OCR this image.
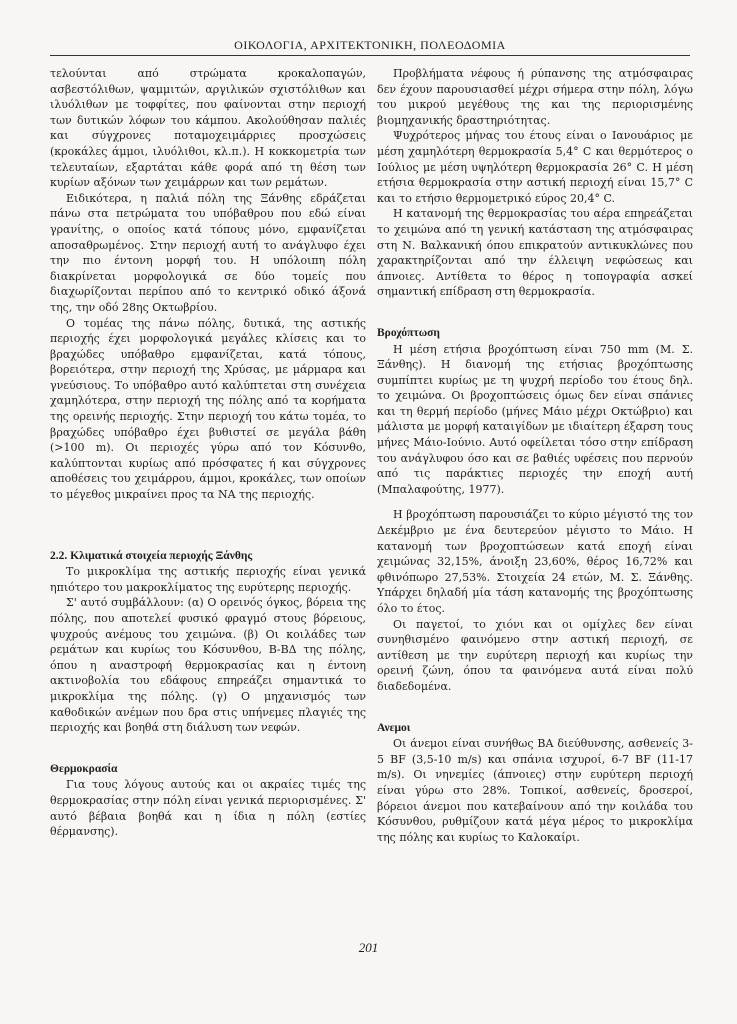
ΟΙΚΟΛΟΓΙΑ, ΑΡΧΙΤΕΚΤΟΝΙΚΗ, ΠΟΛΕΟΔΟΜΙΑ

τελούνται από στρώματα κροκαλοπαγών, ασβεστόλιθων, ψαμμιτών, αργιλικών σχιστόλιθων και ιλυόλιθων με τοφφίτες, που φαίνονται στην περιοχή των δυτικών λόφων του κάμπου. Ακολούθησαν παλιές και σύγχρονες ποταμοχειμάρριες προσχώσεις (κροκάλες άμμοι, ιλυόλιθοι, κλ.π.). Η κοκκομετρία των τελευταίων, εξαρτάται κάθε φορά από τη θέση των κυρίων αξόνων των χειμάρρων και των ρεμάτων.

Ειδικότερα, η παλιά πόλη της Ξάνθης εδράζεται πάνω στα πετρώματα του υπόβαθρου που εδώ είναι γρανίτης, ο οποίος κατά τόπους μόνο, εμφανίζεται αποσαθρωμένος. Στην περιοχή αυτή το ανάγλυφο έχει την πιο έντονη μορφή του. Η υπόλοιπη πόλη διακρίνεται μορφολογικά σε δύο τομείς που διαχωρίζονται περίπου από το κεντρικό οδικό άξονά της, την οδό 28ης Οκτωβρίου.

Ο τομέας της πάνω πόλης, δυτικά, της αστικής περιοχής έχει μορφολογικά μεγάλες κλίσεις και το βραχώδες υπόβαθρο εμφανίζεται, κατά τόπους, βορειότερα, στην περιοχή της Χρύσας, με μάρμαρα και γνεύσιους. Το υπόβαθρο αυτό καλύπτεται στη συνέχεια χαμηλότερα, στην περιοχή της πόλης από τα κορήματα της ορεινής περιοχής. Στην περιοχή του κάτω τομέα, το βραχώδες υπόβαθρο έχει βυθιστεί σε μεγάλα βάθη (>100 m). Οι περιοχές γύρω από τον Κόσυνθο, καλύπτονται κυρίως από πρόσφατες ή και σύγχρονες αποθέσεις του χειμάρρου, άμμοι, κροκάλες, των οποίων το μέγεθος μικραίνει προς τα ΝΑ της περιοχής.

2.2. Κλιματικά στοιχεία περιοχής Ξάνθης

Το μικροκλίμα της αστικής περιοχής είναι γενικά ηπιότερο του μακροκλίματος της ευρύτερης περιοχής.

Σ' αυτό συμβάλλουν: (α) Ο ορεινός όγκος, βόρεια της πόλης, που αποτελεί φυσικό φραγμό στους βόρειους, ψυχρούς ανέμους του χειμώνα. (β) Οι κοιλάδες των ρεμάτων και κυρίως του Κόσυνθου, Β-ΒΔ της πόλης, όπου η αναστροφή θερμοκρασίας και η έντονη ακτινοβολία του εδάφους επηρεάζει σημαντικά το μικροκλίμα της πόλης. (γ) Ο μηχανισμός των καθοδικών ανέμων που δρα στις υπήνεμες πλαγιές της περιοχής και βοηθά στη διάλυση των νεφών.

Θερμοκρασία

Για τους λόγους αυτούς και οι ακραίες τιμές της θερμοκρασίας στην πόλη είναι γενικά περιορισμένες. Σ' αυτό βέβαια βοηθά και η ίδια η πόλη (εστίες θέρμανσης).

Προβλήματα νέφους ή ρύπανσης της ατμόσφαιρας δεν έχουν παρουσιασθεί μέχρι σήμερα στην πόλη, λόγω του μικρού μεγέθους της και της περιορισμένης βιομηχανικής δραστηριότητας.

Ψυχρότερος μήνας του έτους είναι ο Ιανουάριος με μέση χαμηλότερη θερμοκρασία 5,4° C και θερμότερος ο Ιούλιος με μέση υψηλότερη θερμοκρασία 26° C. Η μέση ετήσια θερμοκρασία στην αστική περιοχή είναι 15,7° C και το ετήσιο θερμομετρικό εύρος 20,4° C.

Η κατανομή της θερμοκρασίας του αέρα επηρεάζεται το χειμώνα από τη γενική κατάσταση της ατμόσφαιρας στη Ν. Βαλκανική όπου επικρατούν αντικυκλώνες που χαρακτηρίζονται από την έλλειψη νεφώσεως και άπνοιες. Αντίθετα το θέρος η τοπογραφία ασκεί σημαντική επίδραση στη θερμοκρασία.

Βροχόπτωση

Η μέση ετήσια βροχόπτωση είναι 750 mm (Μ. Σ. Ξάνθης). Η διανομή της ετήσιας βροχόπτωσης συμπίπτει κυρίως με τη ψυχρή περίοδο του έτους δηλ. το χειμώνα. Οι βροχοπτώσεις όμως δεν είναι σπάνιες και τη θερμή περίοδο (μήνες Μάιο μέχρι Οκτώβριο) και μάλιστα με μορφή καταιγίδων με ιδιαίτερη έξαρση τους μήνες Μάιο-Ιούνιο. Αυτό οφείλεται τόσο στην επίδραση του ανάγλυφου όσο και σε βαθιές υφέσεις που περνούν από τις παράκτιες περιοχές την εποχή αυτή (Μπαλαφούτης, 1977).

Η βροχόπτωση παρουσιάζει το κύριο μέγιστό της τον Δεκέμβριο με ένα δευτερεύον μέγιστο το Μάιο. Η κατανομή των βροχοπτώσεων κατά εποχή είναι χειμώνας 32,15%, άνοιξη 23,60%, θέρος 16,72% και φθινόπωρο 27,53%. Στοιχεία 24 ετών, Μ. Σ. Ξάνθης. Υπάρχει δηλαδή μία τάση κατανομής της βροχόπτωσης όλο το έτος.

Οι παγετοί, το χιόνι και οι ομίχλες δεν είναι συνηθισμένο φαινόμενο στην αστική περιοχή, σε αντίθεση με την ευρύτερη περιοχή και κυρίως την ορεινή ζώνη, όπου τα φαινόμενα αυτά είναι πολύ διαδεδομένα.

Ανεμοι

Οι άνεμοι είναι συνήθως ΒΑ διεύθυνσης, ασθενείς 3-5 BF (3,5-10 m/s) και σπάνια ισχυροί, 6-7 BF (11-17 m/s). Οι νηνεμίες (άπνοιες) στην ευρύτερη περιοχή είναι γύρω στο 28%. Τοπικοί, ασθενείς, δροσεροί, βόρειοι άνεμοι που κατεβαίνουν από την κοιλάδα του Κόσυνθου, ρυθμίζουν κατά μέγα μέρος το μικροκλίμα της πόλης και κυρίως το Καλοκαίρι.

201
